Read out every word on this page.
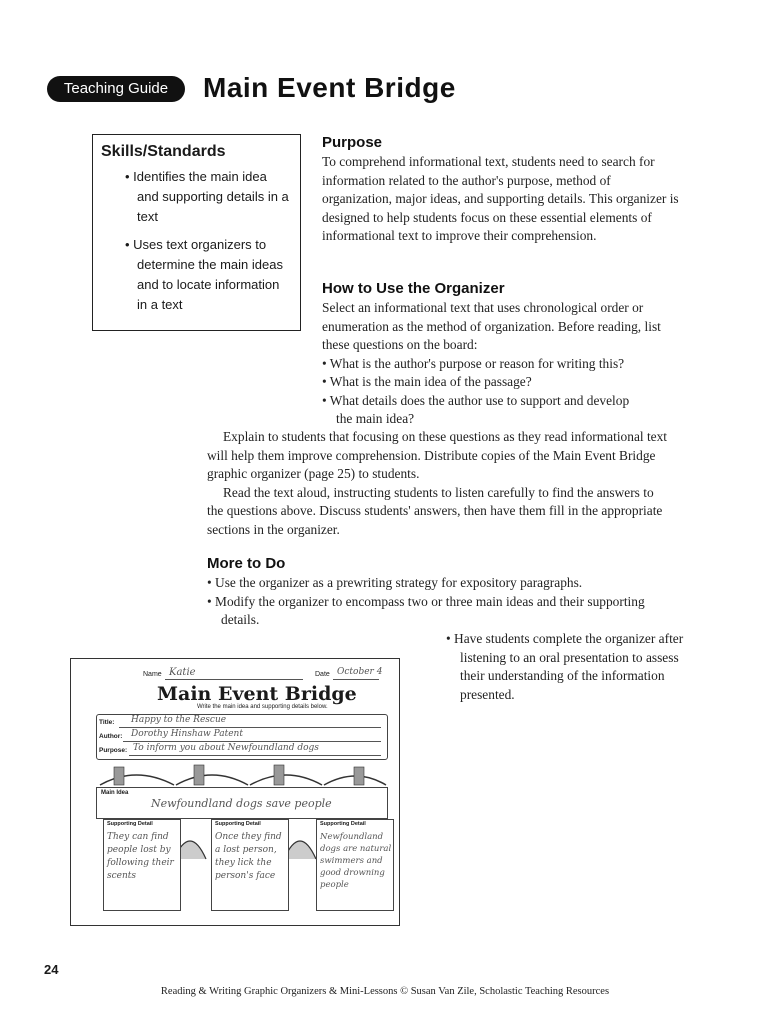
Teaching Guide	Main Event Bridge
Skills/Standards
• Identifies the main idea and supporting details in a text
• Uses text organizers to determine the main ideas and to locate information in a text
Purpose
To comprehend informational text, students need to search for information related to the author's purpose, method of organization, major ideas, and supporting details. This organizer is designed to help students focus on these essential elements of informational text to improve their comprehension.
How to Use the Organizer

Select an informational text that uses chronological order or enumeration as the method of organization. Before reading, list these questions on the board:

• What is the author's purpose or reason for writing this?

• What is the main idea of the passage?

• What details does the author use to support and develop the main idea?

Explain to students that focusing on these questions as they read informational text will help them improve comprehension. Distribute copies of the Main Event Bridge graphic organizer (page 25) to students.

Read the text aloud, instructing students to listen carefully to find the answers to the questions above. Discuss students' answers, then have them fill in the appropriate sections in the organizer.

More to Do

• Use the organizer as a prewriting strategy for expository paragraphs.

• Modify the organizer to encompass two or three main ideas and their supporting details.

• Have students complete the organizer after listening to an oral presentation to assess their understanding of the information presented.

Name Katie	Date October 4
Main Event Bridge
Write the main idea and supporting details below.
Title: Happy to the Rescue
Author: Dorothy Hinshaw Patent
Purpose: To inform you about Newfoundland dogs
Main Idea
Newfoundland dogs save people
Supporting Detail
They can find people lost by following their scents
Supporting Detail
Once they find a lost person, they lick the person's face
Supporting Detail
Newfoundland dogs are natural swimmers and good drowning people
24
Reading & Writing Graphic Organizers & Mini-Lessons © Susan Van Zile, Scholastic Teaching Resources
